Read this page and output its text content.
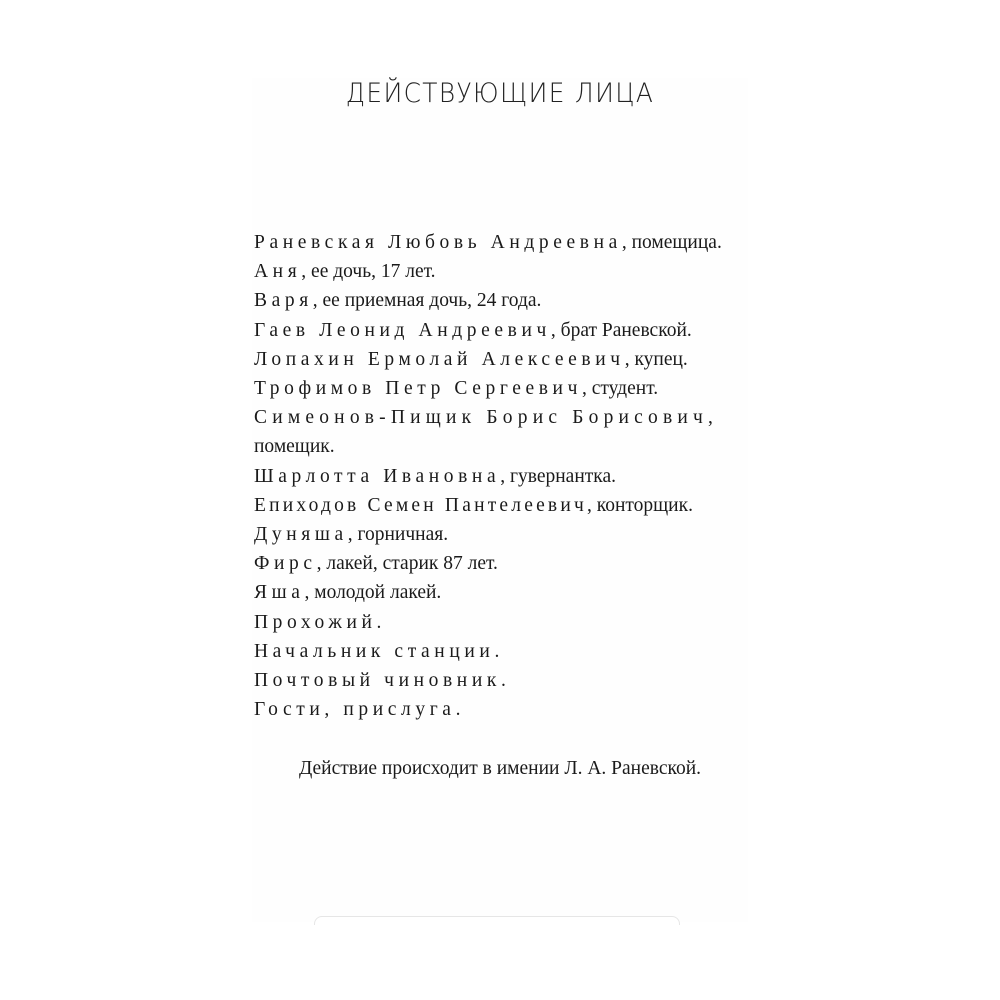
ДЕЙСТВУЮЩИЕ ЛИЦА
Раневская Любовь Андреевна, помещица.
Аня, ее дочь, 17 лет.
Варя, ее приемная дочь, 24 года.
Гаев Леонид Андреевич, брат Раневской.
Лопахин Ермолай Алексеевич, купец.
Трофимов Петр Сергеевич, студент.
Симеонов-Пищик Борис Борисович, помещик.
Шарлотта Ивановна, гувернантка.
Епиходов Семен Пантелеевич, конторщик.
Дуняша, горничная.
Фирс, лакей, старик 87 лет.
Яша, молодой лакей.
Прохожий.
Начальник станции.
Почтовый чиновник.
Гости, прислуга.
Действие происходит в имении Л. А. Раневской.
